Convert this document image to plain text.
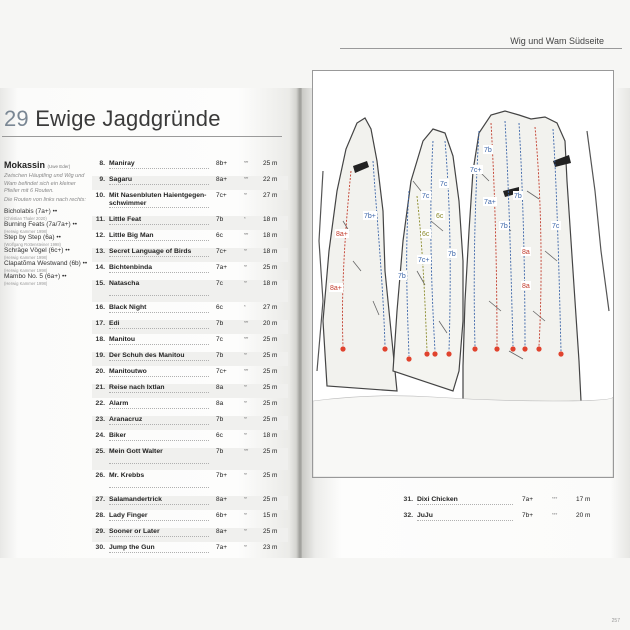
29 Ewige Jagdgründe
Mokassin (Uwe Eder)
Zwischen Häuptling und Wig und Wam befindet sich ein kleiner Pfeiler mit 6 Routen.
Die Routen von links nach rechts:
Bicholabis (7a+) ••
(Christian Thaler 2020)
Burning Feats (7a/7a+) ••
(Herwig Kammer 1998)
Step by Step (6a) ••
(Wolfgang Rottensteiner 1998)
Schräge Vögel (6c+) ••
(Herwig Kammer 1998)
Clapatõma Westwand (6b) ••
(Herwig Kammer 1998)
Mambo No. 5 (6a+) ••
(Herwig Kammer 1998)
8. Maniray	8b+	*** 25 m
9. Sagaru	8a+	*** 22 m
10. Mit Nasenbluten Haientgegen-
schwimmer
7c+	**	27 m
11. Little Feat	7b	*	18 m
12. Little Big Man	6c	*** 18 m
13. Secret Language of Birds	7c+	**	18 m
14. Bichtenbinda	7a+	**	25 m
15. Natascha	7c	**	18 m
16. Black Night	6c	*	27 m
17. Edi	7b	*** 20 m
18. Manitou	7c	*** 25 m
19. Der Schuh des Manitou	7b	**	25 m
20. Manitoutwo	7c+	*** 25 m
21. Reise nach Ixtlan	8a	**	25 m
22. Alarm	8a	**	25 m
23. Aranacruz	7b	**	25 m
24. Biker	6c	**	18 m
25. Mein Gott Walter	7b	*** 25 m
26. Mr. Krebbs	7b+	**	25 m
27. Salamandertrick	8a+	**	25 m
28. Lady Finger	6b+	**	15 m
29. Sooner or Later	8a+	**	25 m
30. Jump the Gun	7a+	**	23 m
Wig und Wam Südseite
8a+
7b+
6c
7c
7b
7b
6c
7c
7c+
7c+
8a
8a
7b
7a+
7b
7b
7c
8a+
31. Dixi Chicken	7a+	***	17 m
32. JuJu	7b+	***	20 m
257
